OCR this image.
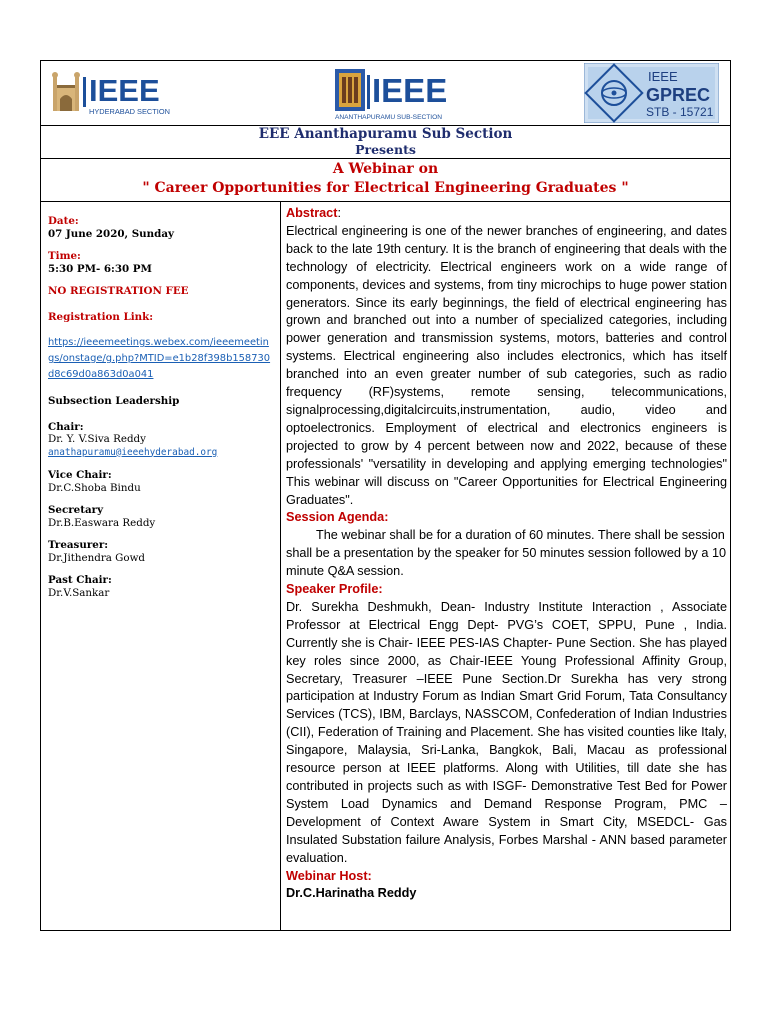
IEEE
HYDERABAD SECTION
IEEE
ANANTHAPURAMU SUB-SECTION
IEEE
GPREC
STB - 15721
EEE Ananthapuramu Sub Section
Presents
A Webinar on
" Career Opportunities for Electrical Engineering Graduates "
Date:
07 June 2020, Sunday
Time:
5:30 PM- 6:30 PM
NO REGISTRATION FEE
Registration Link:
https://ieeemeetings.webex.com/ieeemeetings/onstage/g.php?MTID=e1b28f398b158730d8c69d0a863d0a041
Subsection Leadership
Chair:
Dr. Y. V.Siva Reddy
anathapuramu@ieeehyderabad.org
Vice Chair:
Dr.C.Shoba Bindu
Secretary
Dr.B.Easwara Reddy
Treasurer:
Dr.Jithendra Gowd
Past Chair:
Dr.V.Sankar
Abstract:

Electrical engineering is one of the newer branches of engineering, and dates back to the late 19th century. It is the branch of engineering that deals with the technology of electricity. Electrical engineers work on a wide range of components, devices and systems, from tiny microchips to huge power station generators. Since its early beginnings, the field of electrical engineering has grown and branched out into a number of specialized categories, including power generation and transmission systems, motors, batteries and control systems. Electrical engineering also includes electronics, which has itself branched into an even greater number of sub categories, such as radio frequency (RF)systems, remote sensing, telecommunications, signalprocessing,digitalcircuits,instrumentation, audio, video and optoelectronics. Employment of electrical and electronics engineers is projected to grow by 4 percent between now and 2022, because of these professionals' "versatility in developing and applying emerging technologies" This webinar will discuss on "Career Opportunities for Electrical Engineering Graduates".

Session Agenda:

The webinar shall be for a duration of 60 minutes. There shall be session shall be a presentation by the speaker for 50 minutes session followed by a 10 minute Q&A session.

Speaker Profile:

Dr. Surekha Deshmukh, Dean- Industry Institute Interaction , Associate Professor at Electrical Engg Dept- PVG’s COET, SPPU, Pune , India. Currently she is Chair- IEEE PES-IAS Chapter- Pune Section. She has played key roles since 2000, as Chair-IEEE Young Professional Affinity Group, Secretary, Treasurer –IEEE Pune Section.Dr Surekha has very strong participation at Industry Forum as Indian Smart Grid Forum, Tata Consultancy Services (TCS), IBM, Barclays, NASSCOM, Confederation of Indian Industries (CII), Federation of Training and Placement. She has visited counties like Italy, Singapore, Malaysia, Sri-Lanka, Bangkok, Bali, Macau as professional resource person at IEEE platforms. Along with Utilities, till date she has contributed in projects such as with ISGF- Demonstrative Test Bed for Power System Load Dynamics and Demand Response Program, PMC – Development of Context Aware System in Smart City, MSEDCL- Gas Insulated Substation failure Analysis, Forbes Marshal - ANN based parameter evaluation.

Webinar Host:
Dr.C.Harinatha Reddy
